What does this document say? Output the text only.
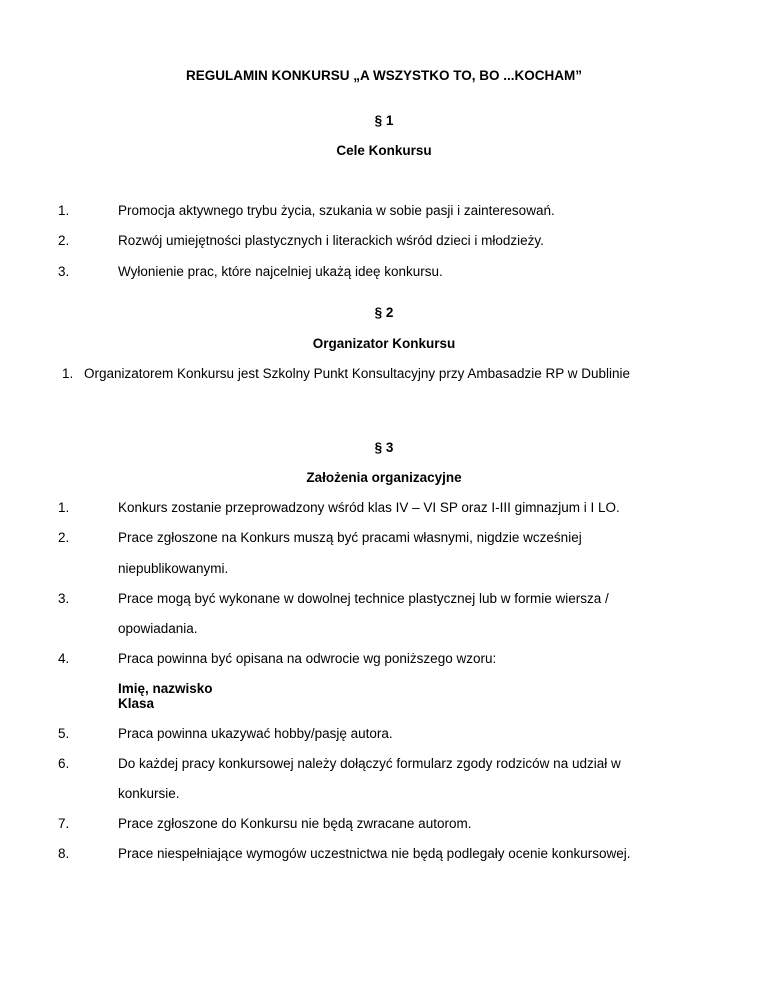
REGULAMIN KONKURSU „A WSZYSTKO TO, BO ...KOCHAM”
§ 1
Cele Konkursu
1.	Promocja aktywnego trybu życia, szukania w sobie pasji i zainteresowań.
2.	Rozwój umiejętności plastycznych i literackich wśród dzieci i młodzieży.
3.	Wyłonienie prac, które najcelniej ukażą ideę konkursu.
§ 2
Organizator Konkursu
1. Organizatorem Konkursu jest Szkolny Punkt Konsultacyjny przy Ambasadzie RP w Dublinie
§ 3
Założenia organizacyjne
1.	Konkurs zostanie przeprowadzony wśród klas IV – VI SP oraz I-III gimnazjum i I LO.
2.	Prace zgłoszone na Konkurs muszą być pracami własnymi, nigdzie wcześniej
niepublikowanymi.
3.	Prace mogą być wykonane w dowolnej technice plastycznej lub w formie wiersza /
opowiadania.
4.	Praca powinna być opisana na odwrocie wg poniższego wzoru:
Imię, nazwisko
Klasa
5.	Praca powinna ukazywać hobby/pasję autora.
6.	Do każdej pracy konkursowej należy dołączyć formularz zgody rodziców na udział w
konkursie.
7.	Prace zgłoszone do Konkursu nie będą zwracane autorom.
8.	Prace niespełniające wymogów uczestnictwa nie będą podlegały ocenie konkursowej.
